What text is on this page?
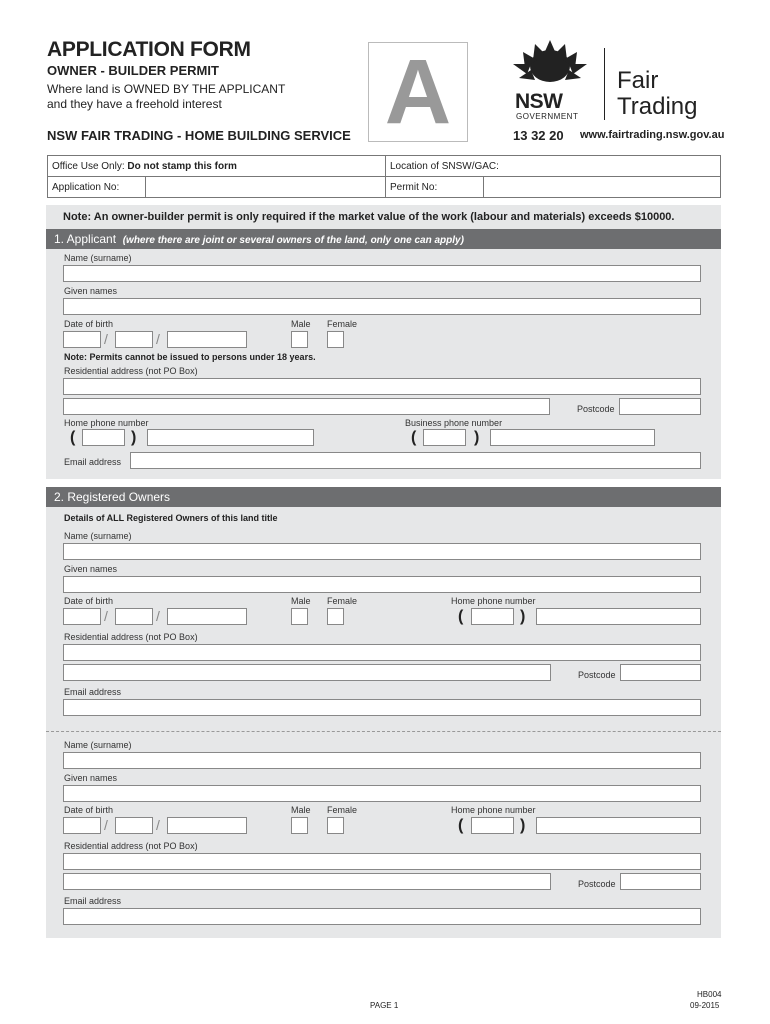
APPLICATION FORM
OWNER - BUILDER PERMIT
Where land is OWNED BY THE APPLICANT
and they have a freehold interest
NSW FAIR TRADING - HOME BUILDING SERVICE A	NSW
GOVERNMENT
Fair
Trading
13 32 20 www.fairtrading.nsw.gov.au
Office Use Only: Do not stamp this form		Location of SNSW/GAC:	
Application No:		Permit No:	
Note: An owner-builder permit is only required if the market value of the work (labour and materials) exceeds $10000.
1. Applicant (where there are joint or several owners of the land, only one can apply)
Name (surname)
Given names
Date of birth	Male Female
/	/
Note: Permits cannot be issued to persons under 18 years.
Residential address (not PO Box)
Postcode
Home phone number	Business phone number
(	)	(	)
Email address
2. Registered Owners
Details of ALL Registered Owners of this land title
Name (surname)
Given names
Date of birth	Male Female	Home phone number
/	/	(	)
Residential address (not PO Box)
Postcode
Email address
Name (surname)
Given names
Date of birth	Male Female	Home phone number
/	/	(	)
Residential address (not PO Box)
Postcode
Email address
PAGE 1
HB004
09-2015
